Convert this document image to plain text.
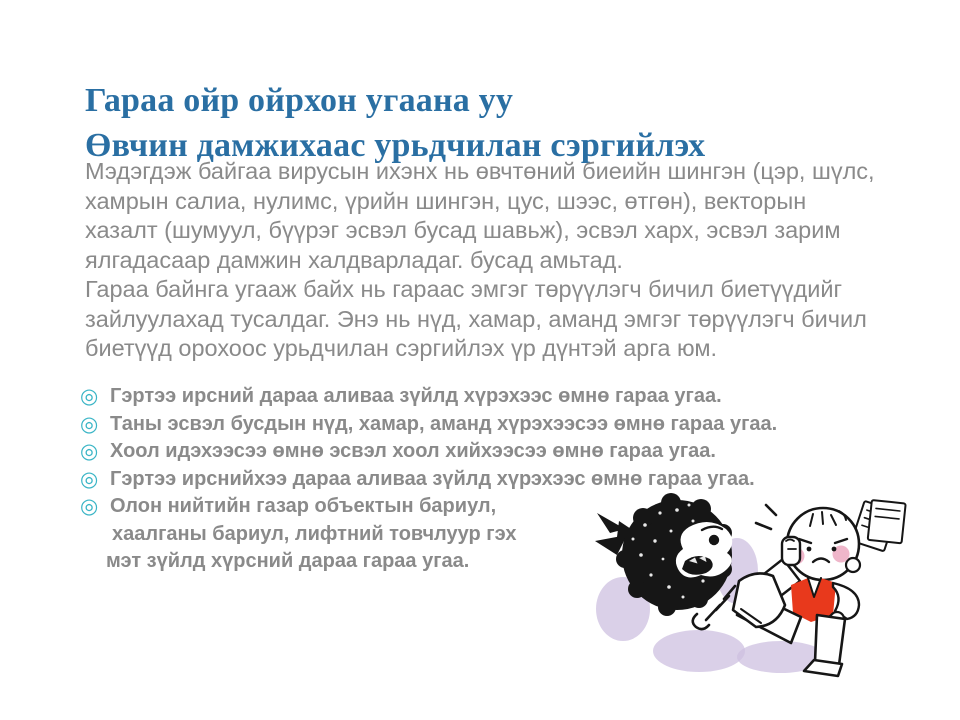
Гараа ойр ойрхон угаана уу
Өвчин дамжихаас урьдчилан сэргийлэх
Мэдэгдэж байгаа вирусын ихэнх нь өвчтөний биеийн шингэн (цэр, шүлс,
хамрын салиа, нулимс, үрийн шингэн, цус, шээс, өтгөн), векторын
хазалт (шумуул, бүүрэг эсвэл бусад шавьж), эсвэл харх, эсвэл зарим
ялгадасаар дамжин халдварладаг. бусад амьтад.
Гараа байнга угааж байх нь гараас эмгэг төрүүлэгч бичил биетүүдийг
зайлуулахад тусалдаг. Энэ нь нүд, хамар, аманд эмгэг төрүүлэгч бичил
биетүүд орохоос урьдчилан сэргийлэх үр дүнтэй арга юм.
◎ Гэртээ ирсний дараа аливаа зүйлд хүрэхээс өмнө гараа угаа.
◎ Таны эсвэл бусдын нүд, хамар, аманд хүрэхээсээ өмнө гараа угаа.
◎ Хоол идэхээсээ өмнө эсвэл хоол хийхээсээ өмнө гараа угаа.
◎ Гэртээ ирснийхээ дараа аливаа зүйлд хүрэхээс өмнө гараа угаа.
◎ Олон нийтийн газар объектын бариул,
хаалганы бариул, лифтний товчлуур гэх
мэт зүйлд хүрсний дараа гараа угаа.
